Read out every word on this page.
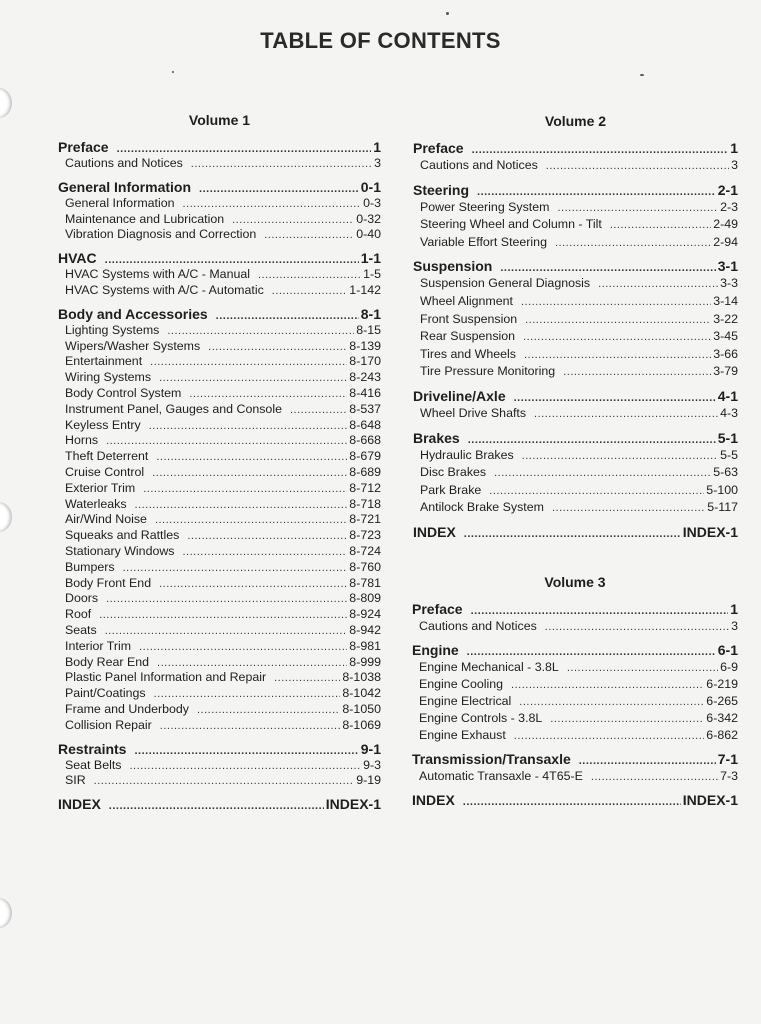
TABLE OF CONTENTS
Volume 1
Preface .....	1
Cautions and Notices .....	3
General Information .....	0-1
General Information .....	0-3
Maintenance and Lubrication .....	0-32
Vibration Diagnosis and Correction .....	0-40
HVAC .....	1-1
HVAC Systems with A/C - Manual .....	1-5
HVAC Systems with A/C - Automatic .....	1-142
Body and Accessories .....	8-1
Lighting Systems .....	8-15
Wipers/Washer Systems .....	8-139
Entertainment .....	8-170
Wiring Systems .....	8-243
Body Control System .....	8-416
Instrument Panel, Gauges and Console .....	8-537
Keyless Entry .....	8-648
Horns .....	8-668
Theft Deterrent .....	8-679
Cruise Control .....	8-689
Exterior Trim .....	8-712
Waterleaks .....	8-718
Air/Wind Noise .....	8-721
Squeaks and Rattles .....	8-723
Stationary Windows .....	8-724
Bumpers .....	8-760
Body Front End .....	8-781
Doors .....	8-809
Roof .....	8-924
Seats .....	8-942
Interior Trim .....	8-981
Body Rear End .....	8-999
Plastic Panel Information and Repair .....	8-1038
Paint/Coatings .....	8-1042
Frame and Underbody .....	8-1050
Collision Repair .....	8-1069
Restraints .....	9-1
Seat Belts .....	9-3
SIR .....	9-19
INDEX .....	INDEX-1
Volume 2
Preface .....	1
Cautions and Notices .....	3
Steering .....	2-1
Power Steering System .....	2-3
Steering Wheel and Column - Tilt .....	2-49
Variable Effort Steering .....	2-94
Suspension .....	3-1
Suspension General Diagnosis .....	3-3
Wheel Alignment .....	3-14
Front Suspension .....	3-22
Rear Suspension .....	3-45
Tires and Wheels .....	3-66
Tire Pressure Monitoring .....	3-79
Driveline/Axle .....	4-1
Wheel Drive Shafts .....	4-3
Brakes .....	5-1
Hydraulic Brakes .....	5-5
Disc Brakes .....	5-63
Park Brake .....	5-100
Antilock Brake System .....	5-117
INDEX .....	INDEX-1
Volume 3
Preface .....	1
Cautions and Notices .....	3
Engine .....	6-1
Engine Mechanical - 3.8L .....	6-9
Engine Cooling .....	6-219
Engine Electrical .....	6-265
Engine Controls - 3.8L .....	6-342
Engine Exhaust .....	6-862
Transmission/Transaxle .....	7-1
Automatic Transaxle - 4T65-E .....	7-3
INDEX .....	INDEX-1
